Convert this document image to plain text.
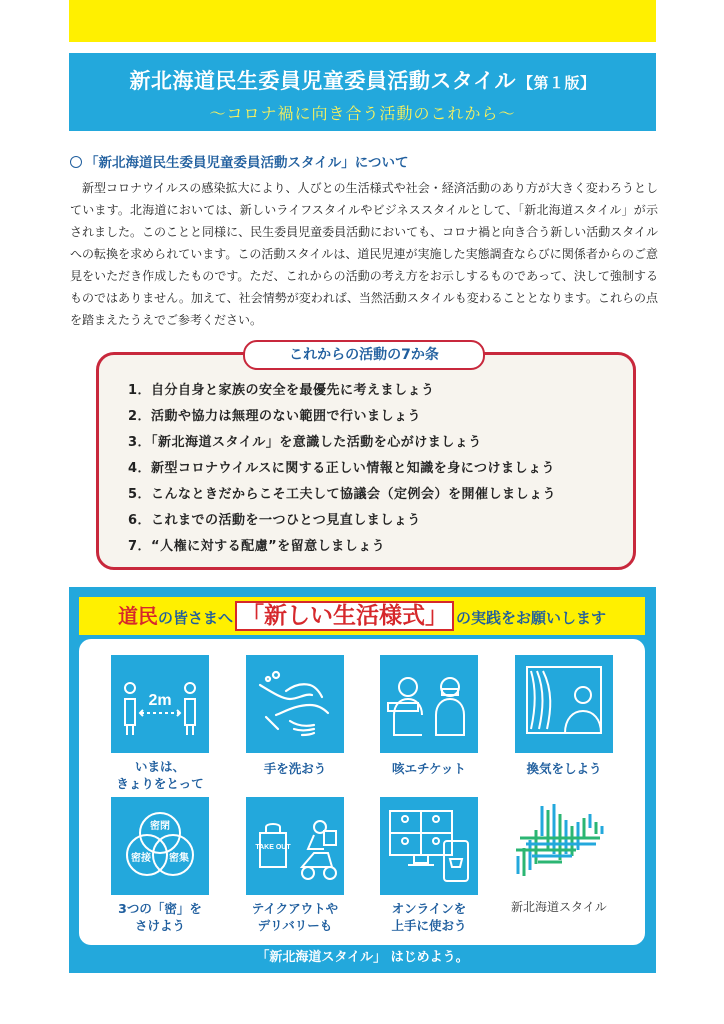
新北海道民生委員児童委員活動スタイル 【第１版】
〜コロナ禍に向き合う活動のこれから〜
「新北海道民生委員児童委員活動スタイル」について

新型コロナウイルスの感染拡大により、人びとの生活様式や社会・経済活動のあり方が大きく変わろうとしています。北海道においては、新しいライフスタイルやビジネススタイルとして、「新北海道スタイル」が示されました。このことと同様に、民生委員児童委員活動においても、コロナ禍と向き合う新しい活動スタイルへの転換を求められています。この活動スタイルは、道民児連が実施した実態調査ならびに関係者からのご意見をいただき作成したものです。ただ、これからの活動の考え方をお示しするものであって、決して強制するものではありません。加えて、社会情勢が変われば、当然活動スタイルも変わることとなります。これらの点を踏まえたうえでご参考ください。

これからの活動の7か条
1．自分自身と家族の安全を最優先に考えましょう
2．活動や協力は無理のない範囲で行いましょう
3．「新北海道スタイル」を意識した活動を心がけましょう
4．新型コロナウイルスに関する正しい情報と知識を身につけましょう
5．こんなときだからこそ工夫して協議会（定例会）を開催しましょう
6．これまでの活動を一つひとつ見直しましょう
7．“人権に対する配慮”を留意しましょう
道民の皆さまへ 「新しい生活様式」 の実践をお願いします
2m
いまは、
きょりをとって
手を洗おう	咳エチケット	換気をしよう
密閉
密接 密集
TAKE OUT
新北海道スタイル
3つの「密」を
さけよう
テイクアウトや
デリバリーも
オンラインを
上手に使おう
「新北海道スタイル」 はじめよう。
